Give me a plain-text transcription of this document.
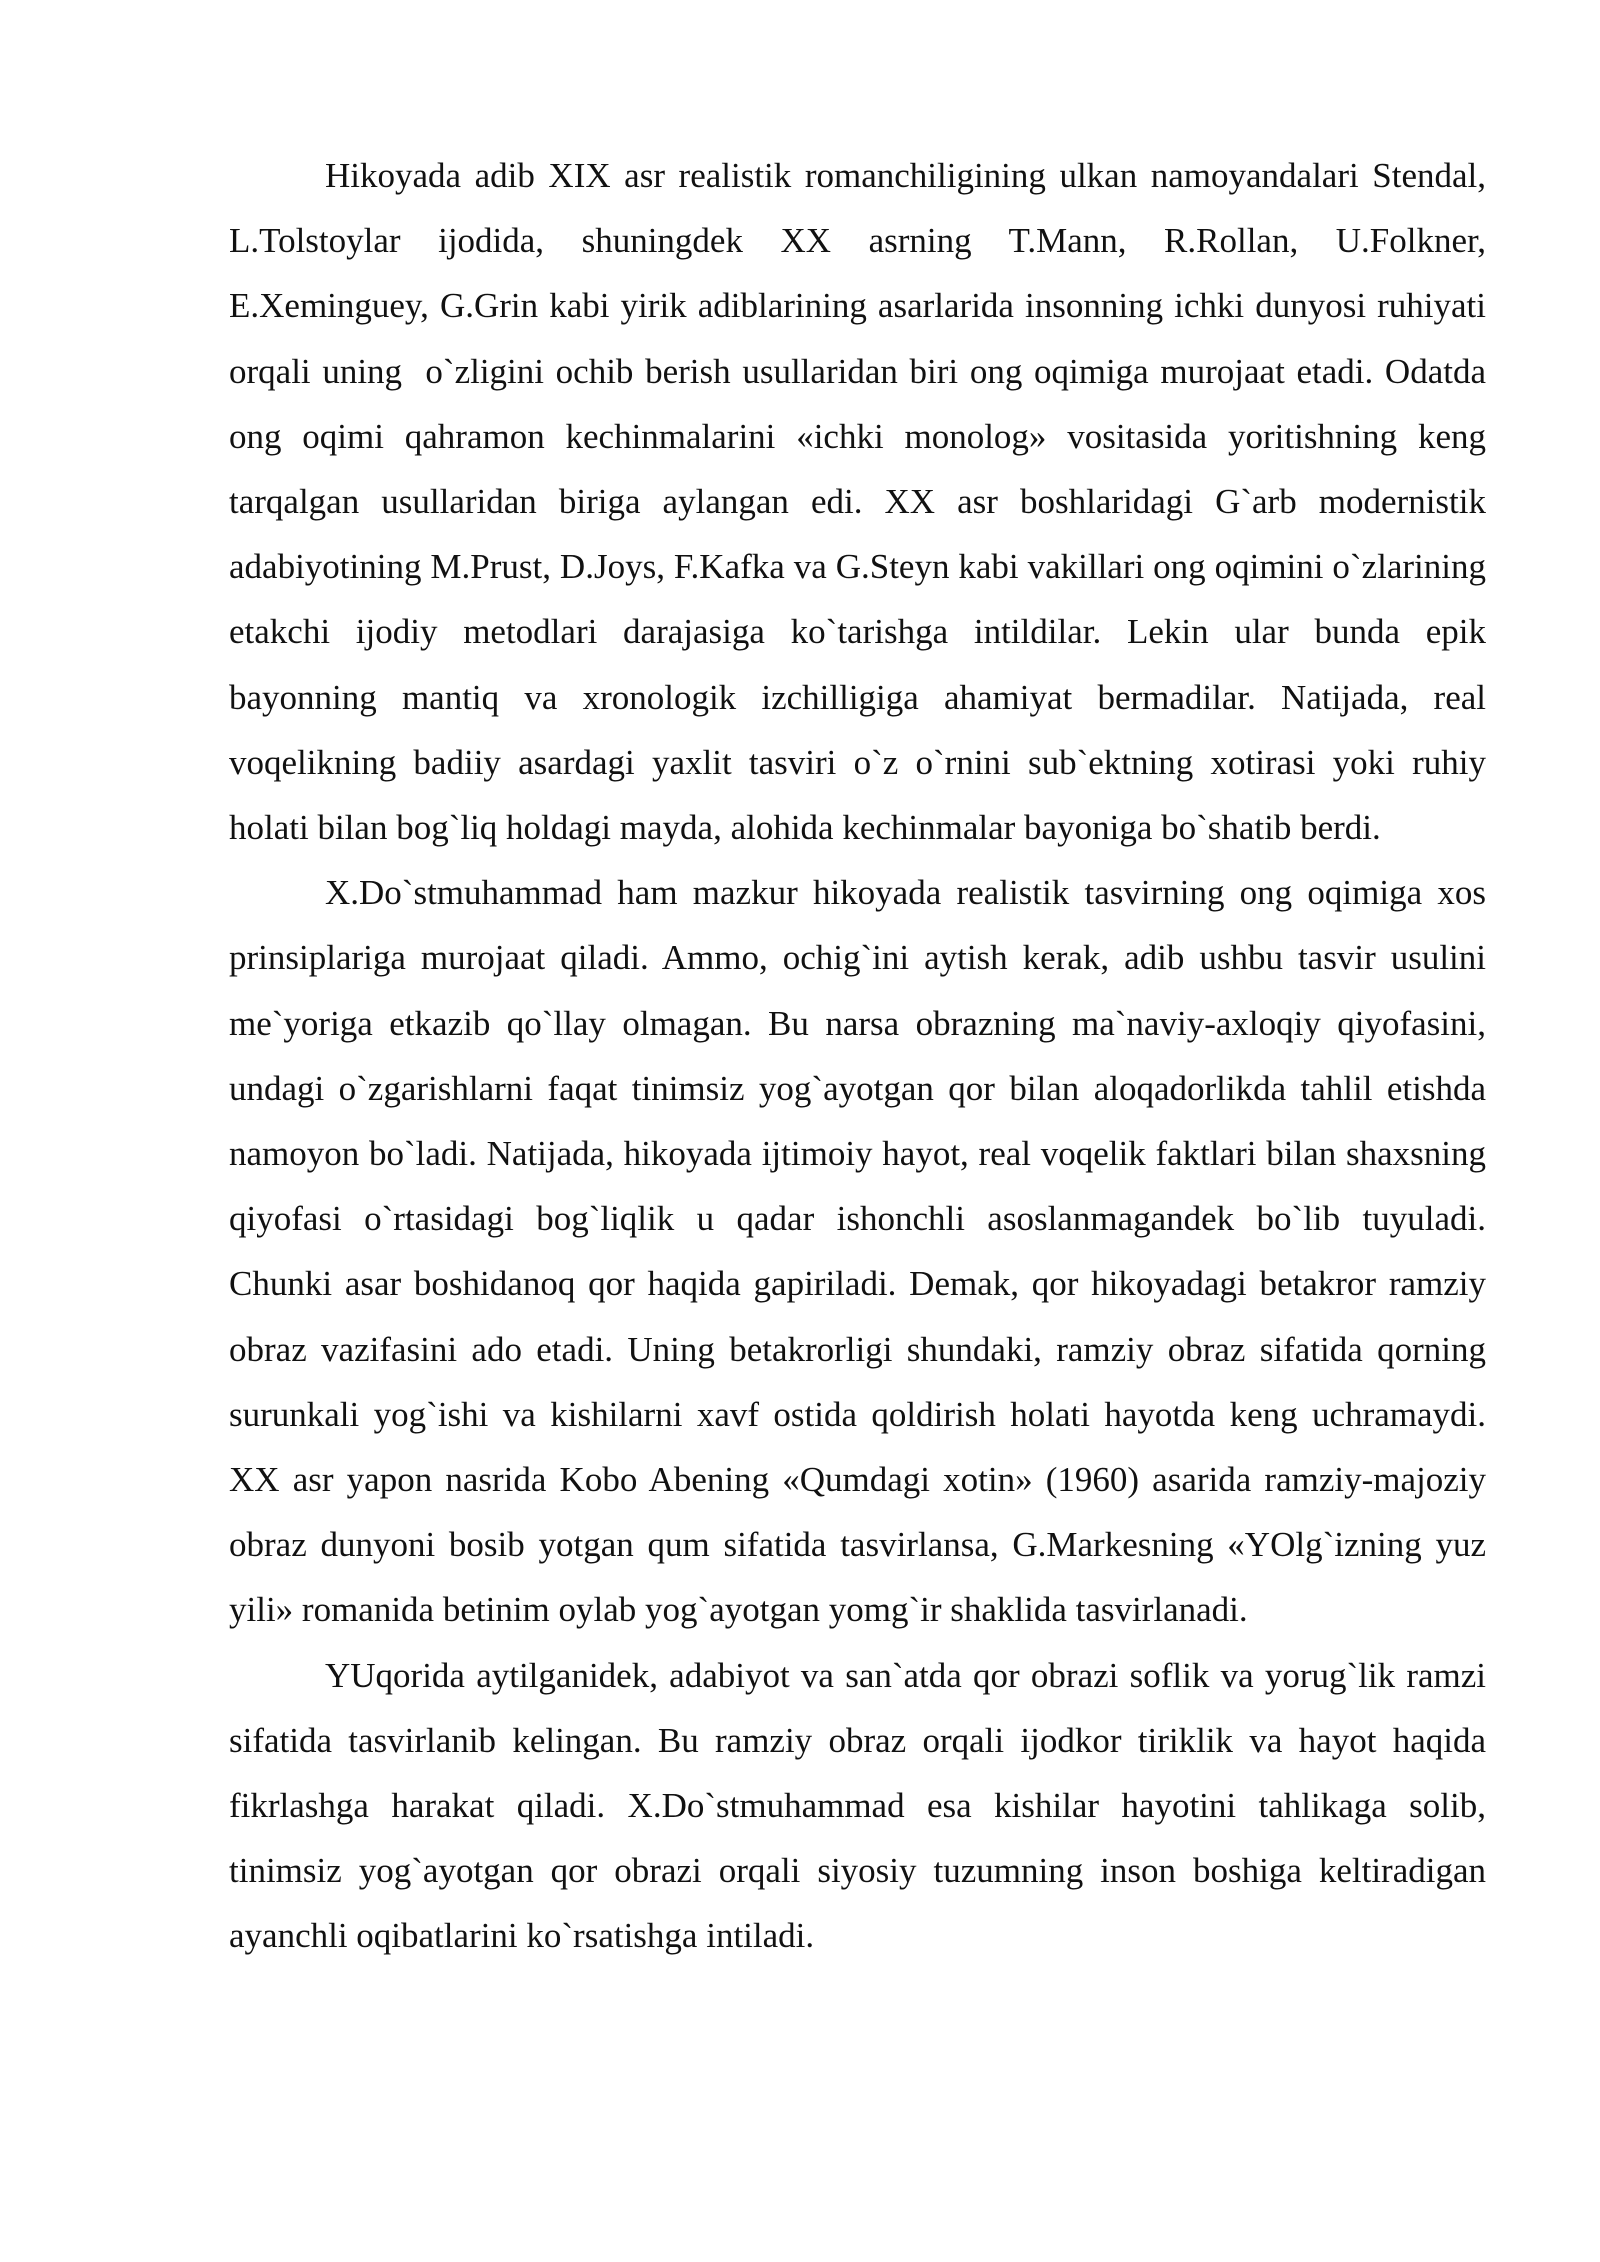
Hikoyada adib XIX asr realistik romanchiligining ulkan namoyandalari Stendal, L.Tolstoylar ijodida, shuningdek XX asrning T.Mann, R.Rollan, U.Folkner, E.Xeminguey, G.Grin kabi yirik adiblarining asarlarida insonning ichki dunyosi ruhiyati orqali uning  o`zligini ochib berish usullaridan biri ong oqimiga murojaat etadi. Odatda ong oqimi qahramon kechinmalarini «ichki monolog» vositasida yoritishning keng tarqalgan usullaridan biriga aylangan edi. XX asr boshlaridagi G`arb modernistik adabiyotining M.Prust, D.Joys, F.Kafka va G.Steyn kabi vakillari ong oqimini o`zlarining etakchi ijodiy metodlari darajasiga ko`tarishga intildilar. Lekin ular bunda epik bayonning mantiq va xronologik izchilligiga ahamiyat bermadilar. Natijada, real voqelikning badiiy asardagi yaxlit tasviri o`z o`rnini sub`ektning xotirasi yoki ruhiy holati bilan bog`liq holdagi mayda, alohida kechinmalar bayoniga bo`shatib berdi.

X.Do`stmuhammad ham mazkur hikoyada realistik tasvirning ong oqimiga xos prinsiplariga murojaat qiladi. Ammo, ochig`ini aytish kerak, adib ushbu tasvir usulini me`yoriga etkazib qo`llay olmagan. Bu narsa obrazning ma`naviy-axloqiy qiyofasini, undagi o`zgarishlarni faqat tinimsiz yog`ayotgan qor bilan aloqadorlikda tahlil etishda namoyon bo`ladi. Natijada, hikoyada ijtimoiy hayot, real voqelik faktlari bilan shaxsning qiyofasi o`rtasidagi bog`liqlik u qadar ishonchli asoslanmagandek bo`lib tuyuladi. Chunki asar boshidanoq qor haqida gapiriladi. Demak, qor hikoyadagi betakror ramziy obraz vazifasini ado etadi. Uning betakrorligi shundaki, ramziy obraz sifatida qorning surunkali yog`ishi va kishilarni xavf ostida qoldirish holati hayotda keng uchramaydi. XX asr yapon nasrida Kobo Abening «Qumdagi xotin» (1960) asarida ramziy-majoziy obraz dunyoni bosib yotgan qum sifatida tasvirlansa, G.Markesning «YOlg`izning yuz yili» romanida betinim oylab yog`ayotgan yomg`ir shaklida tasvirlanadi.

YUqorida aytilganidek, adabiyot va san`atda qor obrazi soflik va yorug`lik ramzi sifatida tasvirlanib kelingan. Bu ramziy obraz orqali ijodkor tiriklik va hayot haqida fikrlashga harakat qiladi. X.Do`stmuhammad esa kishilar hayotini tahlikaga solib, tinimsiz yog`ayotgan qor obrazi orqali siyosiy tuzumning inson boshiga keltiradigan ayanchli oqibatlarini ko`rsatishga intiladi.
